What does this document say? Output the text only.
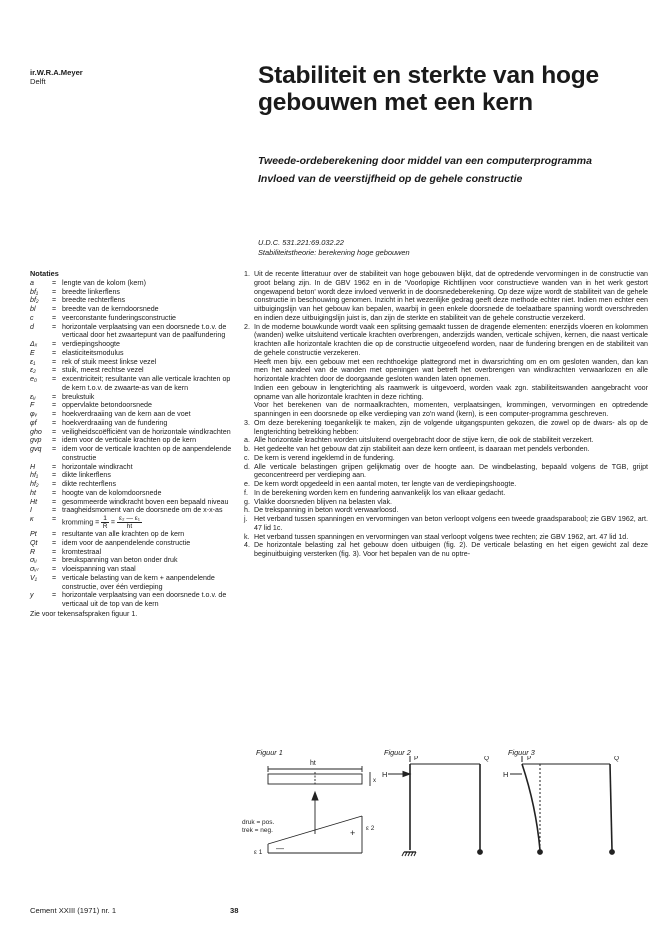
ir.W.R.A.Meyer
Delft	Stabiliteit en sterkte van hoge
gebouwen met een kern
Tweede-ordeberekening door middel van een computerprogramma
Invloed van de veerstijfheid op de gehele constructie
U.D.C. 531.221:69.032.22
Stabiliteitstheorie: berekening hoge gebouwen
Notaties
a	= lengte van de kolom (kern)
bf₁	= breedte linkerflens
bf₂	= breedte rechterflens
bl	= breedte van de kerndoorsnede
c	= veerconstante funderingsconstructie
d	= horizontale verplaatsing van een doorsnede t.o.v. de verticaal door het zwaartepunt van de paalfundering
Δₓ	= verdiepingshoogte
E	= elasticiteitsmodulus
ε₁	= rek of stuik meest linkse vezel
ε₂	= stuik, meest rechtse vezel
e₀	= excentriciteit; resultante van alle verticale krachten op de kern t.o.v. de zwaarte-as van de kern
εᵤ	= breukstuik
F	= oppervlakte betondoorsnede
φᵥ	= hoekverdraaiing van de kern aan de voet
φf	= hoekverdraaiing van de fundering
gho	= veiligheidscoëfficiënt van de horizontale windkrachten
gvp	= idem voor de verticale krachten op de kern
gvq	= idem voor de verticale krachten op de aanpendelende constructie
H	= horizontale windkracht
hf₁	= dikte linkerflens
hf₂	= dikte rechterflens
ht	= hoogte van de kolomdoorsnede
Ht	= gesommeerde windkracht boven een bepaald niveau
I	= traagheidsmoment van de doorsnede om de x-x-as
κ	= kromming = $\frac{1}{R} = \frac{\text{ε₂ — ε₁}}{ht}$
Pt	= resultante van alle krachten op de kern
Qt	= idem voor de aanpendelende constructie
R	= kromtestraal
σᵤ	= breukspanning van beton onder druk
σᵥₗ	= vloeispanning van staal
V₁	= verticale belasting van de kern + aanpendelende constructie, over één verdieping
y	= horizontale verplaatsing van een doorsnede t.o.v. de verticaal uit de top van de kern
Zie voor tekensafspraken figuur 1.
1. Uit de recente litteratuur over de stabiliteit van hoge gebouwen blijkt, dat de optredende vervormingen in de constructie van groot belang zijn. In de GBV 1962 en in de 'Voorlopige Richtlijnen voor constructieve wanden van in het werk gestort ongewapend beton' wordt deze invloed verwerkt in de doorsnedeberekening. Op deze wijze wordt de stabiliteit van de gehele constructie in beschouwing genomen. Inzicht in het wezenlijke gedrag geeft deze methode echter niet. Indien men echter een uitbuigingslijn van het gebouw kan bepalen, waarbij in geen enkele doorsnede de toelaatbare spanning wordt overschreden en indien deze uitbuigingslijn juist is, dan zijn de sterkte en stabiliteit van de gehele constructie verzekerd.
2. In de moderne bouwkunde wordt vaak een splitsing gemaakt tussen de dragende elementen: enerzijds vloeren en kolommen (wanden) welke uitsluitend verticale krachten overbrengen, anderzijds wanden, verticale schijven, kernen, die naast verticale krachten alle horizontale krachten die op de constructie uitgeoefend worden, naar de fundering brengen en de stabiliteit van de gehele constructie verzekeren.
Heeft men bijv. een gebouw met een rechthoekige plattegrond met in dwarsrichting om en om gesloten wanden, dan kan men het aandeel van de wanden met openingen wat betreft het overbrengen van windkrachten verwaarlozen en alle horizontale krachten door de doorgaande gesloten wanden laten opnemen.
Indien een gebouw in lengterichting als raamwerk is uitgevoerd, worden vaak zgn. stabiliteitswanden aangebracht voor opname van alle horizontale krachten in deze richting.
Voor het berekenen van de normaalkrachten, momenten, verplaatsingen, krommingen, vervormingen en optredende spanningen in een doorsnede op elke verdieping van zo'n wand (kern), is een computer-programma geschreven.
3. Om deze berekening toegankelijk te maken, zijn de volgende uitgangspunten gekozen, die zowel op de dwars- als op de lengterichting betrekking hebben:
a. Alle horizontale krachten worden uitsluitend overgebracht door de stijve kern, die ook de stabiliteit verzekert.
b. Het gedeelte van het gebouw dat zijn stabiliteit aan deze kern ontleent, is daaraan met pendels verbonden.
c. De kern is verend ingeklemd in de fundering.
d. Alle verticale belastingen grijpen gelijkmatig over de hoogte aan. De windbelasting, bepaald volgens de TGB, grijpt geconcentreerd per verdieping aan.
e. De kern wordt opgedeeld in een aantal moten, ter lengte van de verdiepingshoogte.
f. In de berekening worden kern en fundering aanvankelijk los van elkaar gedacht.
g. Vlakke doorsneden blijven na belasten vlak.
h. De trekspanning in beton wordt verwaarloosd.
j. Het verband tussen spanningen en vervormingen van beton verloopt volgens een tweede graadsparabool; zie GBV 1962, art. 47 lid 1c.
k. Het verband tussen spanningen en vervormingen van staal verloopt volgens twee rechten; zie GBV 1962, art. 47 lid 1d.
4. De horizontale belasting zal het gebouw doen uitbuigen (fig. 2). De verticale belasting en het eigen gewicht zal deze beginuitbuiging versterken (fig. 3). Voor het bepalen van de nu optre-
Figuur 1	Figuur 2	Figuur 3
ht
x
+
—
ε 2
ε 1
druk = pos.
trek = neg.
H
P	Q
H
P	Q
Cement XXIII (1971) nr. 1	38
